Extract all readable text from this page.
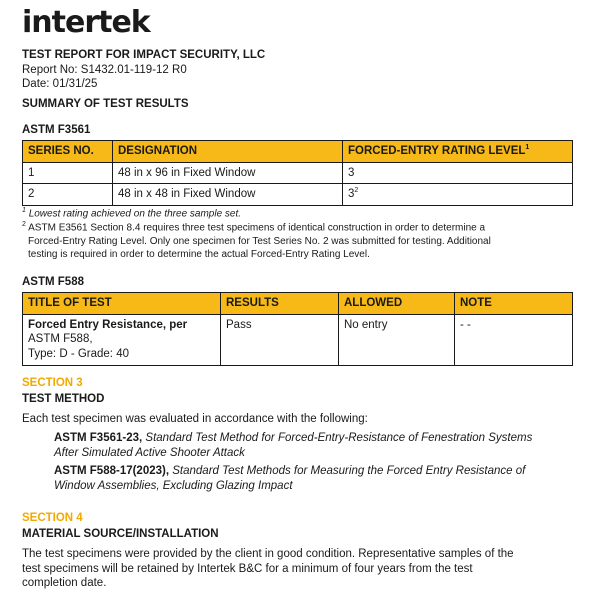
intertek
TEST REPORT FOR IMPACT SECURITY, LLC
Report No: S1432.01-119-12 R0
Date: 01/31/25
SUMMARY OF TEST RESULTS
ASTM F3561
SERIES NO.	DESIGNATION	FORCED-ENTRY RATING LEVEL$^1$
1	48 in x 96 in Fixed Window	3
2	48 in x 48 in Fixed Window	$3^2$
$^1$ Lowest rating achieved on the three sample set.
$^2$ ASTM E3561 Section 8.4 requires three test specimens of identical construction in order to determine a
Forced-Entry Rating Level. Only one specimen for Test Series No. 2 was submitted for testing. Additional
testing is required in order to determine the actual Forced-Entry Rating Level.
ASTM F588
TITLE OF TEST	RESULTS	ALLOWED	NOTE

Forced Entry Resistance, per
ASTM F588,
Type: D - Grade: 40	Pass	No entry	- -
SECTION 3
TEST METHOD
Each test specimen was evaluated in accordance with the following:
ASTM F3561-23, Standard Test Method for Forced-Entry-Resistance of Fenestration Systems
After Simulated Active Shooter Attack
ASTM F588-17(2023), Standard Test Methods for Measuring the Forced Entry Resistance of
Window Assemblies, Excluding Glazing Impact
SECTION 4
MATERIAL SOURCE/INSTALLATION
The test specimens were provided by the client in good condition. Representative samples of the
test specimens will be retained by Intertek B&C for a minimum of four years from the test
completion date.
